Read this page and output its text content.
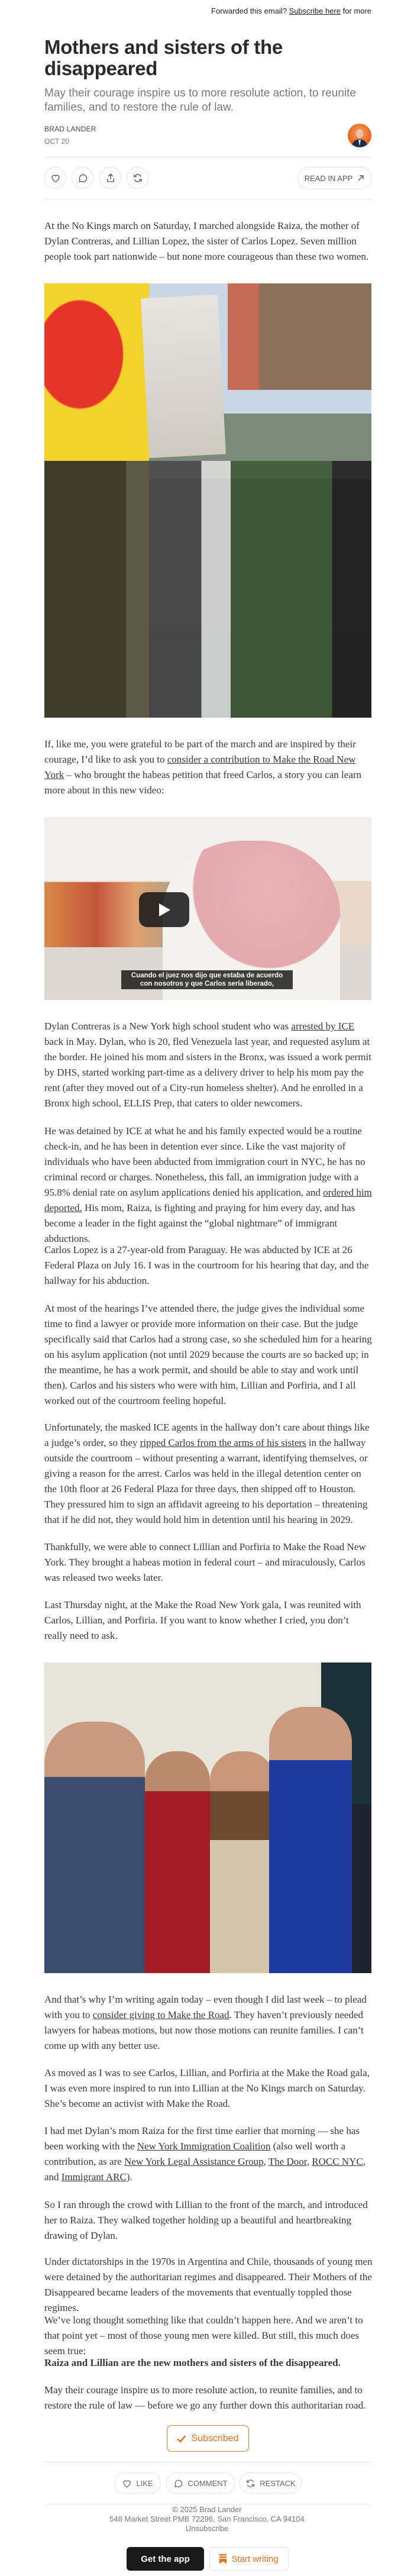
Forwarded this email? Subscribe here for more
Mothers and sisters of the disappeared

May their courage inspire us to more resolute action, to reunite families, and to restore the rule of law.

BRAD LANDER
OCT 20
READ IN APP
Cuando el juez nos dijo que estaba de acuerdo
con nosotros y que Carlos sería liberado,

At the No Kings march on Saturday, I marched alongside Raiza, the mother of Dylan Contreras, and Lillian Lopez, the sister of Carlos Lopez. Seven million people took part nationwide – but none more courageous than these two women.

If, like me, you were grateful to be part of the march and are inspired by their courage, I’d like to ask you to consider a contribution to Make the Road New York – who brought the habeas petition that freed Carlos, a story you can learn more about in this new video:

Dylan Contreras is a New York high school student who was arrested by ICE back in May. Dylan, who is 20, fled Venezuela last year, and requested asylum at the border. He joined his mom and sisters in the Bronx, was issued a work permit by DHS, started working part-time as a delivery driver to help his mom pay the rent (after they moved out of a City-run homeless shelter). And he enrolled in a Bronx high school, ELLIS Prep, that caters to older newcomers.

He was detained by ICE at what he and his family expected would be a routine check-in, and he has been in detention ever since. Like the vast majority of individuals who have been abducted from immigration court in NYC, he has no criminal record or charges. Nonetheless, this fall, an immigration judge with a 95.8% denial rate on asylum applications denied his application, and ordered him deported. His mom, Raiza, is fighting and praying for him every day, and has become a leader in the fight against the “global nightmare” of immigrant abductions.

Carlos Lopez is a 27-year-old from Paraguay. He was abducted by ICE at 26 Federal Plaza on July 16. I was in the courtroom for his hearing that day, and the hallway for his abduction.

At most of the hearings I’ve attended there, the judge gives the individual some time to find a lawyer or provide more information on their case. But the judge specifically said that Carlos had a strong case, so she scheduled him for a hearing on his asylum application (not until 2029 because the courts are so backed up; in the meantime, he has a work permit, and should be able to stay and work until then). Carlos and his sisters who were with him, Lillian and Porfiria, and I all worked out of the courtroom feeling hopeful.

Unfortunately, the masked ICE agents in the hallway don’t care about things like a judge’s order, so they ripped Carlos from the arms of his sisters in the hallway outside the courtroom – without presenting a warrant, identifying themselves, or giving a reason for the arrest. Carlos was held in the illegal detention center on the 10th floor at 26 Federal Plaza for three days, then shipped off to Houston. They pressured him to sign an affidavit agreeing to his deportation – threatening that if he did not, they would hold him in detention until his hearing in 2029.

Thankfully, we were able to connect Lillian and Porfiria to Make the Road New York. They brought a habeas motion in federal court – and miraculously, Carlos was released two weeks later.

Last Thursday night, at the Make the Road New York gala, I was reunited with Carlos, Lillian, and Porfiria. If you want to know whether I cried, you don’t really need to ask.

And that’s why I’m writing again today – even though I did last week – to plead with you to consider giving to Make the Road. They haven’t previously needed lawyers for habeas motions, but now those motions can reunite families. I can’t come up with any better use.

As moved as I was to see Carlos, Lillian, and Porfiria at the Make the Road gala, I was even more inspired to run into Lillian at the No Kings march on Saturday. She’s become an activist with Make the Road.

I had met Dylan’s mom Raiza for the first time earlier that morning — she has been working with the New York Immigration Coalition (also well worth a contribution, as are New York Legal Assistance Group, The Door, ROCC NYC, and Immigrant ARC).

So I ran through the crowd with Lillian to the front of the march, and introduced her to Raiza. They walked together holding up a beautiful and heartbreaking drawing of Dylan.

Under dictatorships in the 1970s in Argentina and Chile, thousands of young men were detained by the authoritarian regimes and disappeared. Their Mothers of the Disappeared became leaders of the movements that eventually toppled those regimes.

We’ve long thought something like that couldn’t happen here. And we aren’t to that point yet – most of those young men were killed. But still, this much does seem true:

Raiza and Lillian are the new mothers and sisters of the disappeared.

May their courage inspire us to more resolute action, to reunite families, and to restore the rule of law — before we go any further down this authoritarian road.

Subscribed
LIKE	COMMENT	RESTACK
© 2025 Brad Lander
548 Market Street PMB 72296, San Francisco, CA 94104
Unsubscribe
Get the app	Start writing
